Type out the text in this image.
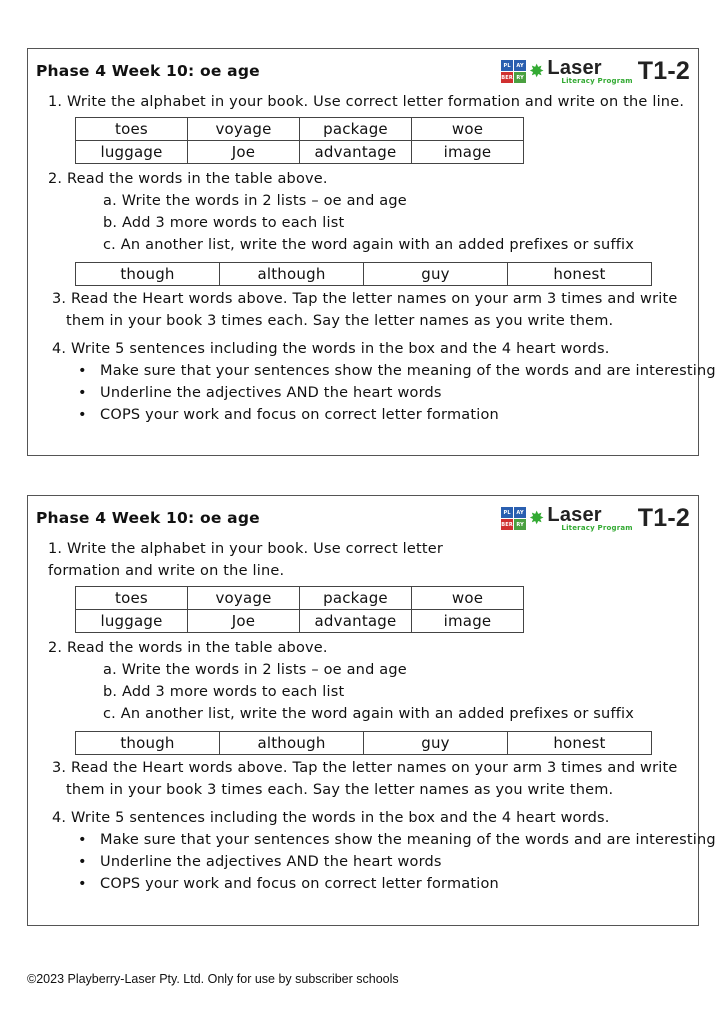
Phase 4 Week 10: oe age	PL	AY
BER RY ✸ Laser
Literacy Program T1-2
1. Write the alphabet in your book. Use correct letter formation and write on the line.
toes	voyage	package	woe
luggage	Joe	advantage	image
2. Read the words in the table above.
a. Write the words in 2 lists – oe and age
b. Add 3 more words to each list
c. An another list, write the word again with an added prefixes or suffix
though	although	guy	honest
3. Read the Heart words above. Tap the letter names on your arm 3 times and write
them in your book 3 times each. Say the letter names as you write them.
4. Write 5 sentences including the words in the box and the 4 heart words.
• Make sure that your sentences show the meaning of the words and are interesting
• Underline the adjectives AND the heart words
• COPS your work and focus on correct letter formation
Phase 4 Week 10: oe age	PL	AY
BER RY ✸ Laser
Literacy Program T1-2
1. Write the alphabet in your book. Use correct letter formation and write on the line.
toes	voyage	package	woe
luggage	Joe	advantage	image
2. Read the words in the table above.
a. Write the words in 2 lists – oe and age
b. Add 3 more words to each list
c. An another list, write the word again with an added prefixes or suffix
though	although	guy	honest
3. Read the Heart words above. Tap the letter names on your arm 3 times and write
them in your book 3 times each. Say the letter names as you write them.
4. Write 5 sentences including the words in the box and the 4 heart words.
• Make sure that your sentences show the meaning of the words and are interesting
• Underline the adjectives AND the heart words
• COPS your work and focus on correct letter formation
©2023 Playberry-Laser Pty. Ltd. Only for use by subscriber schools
